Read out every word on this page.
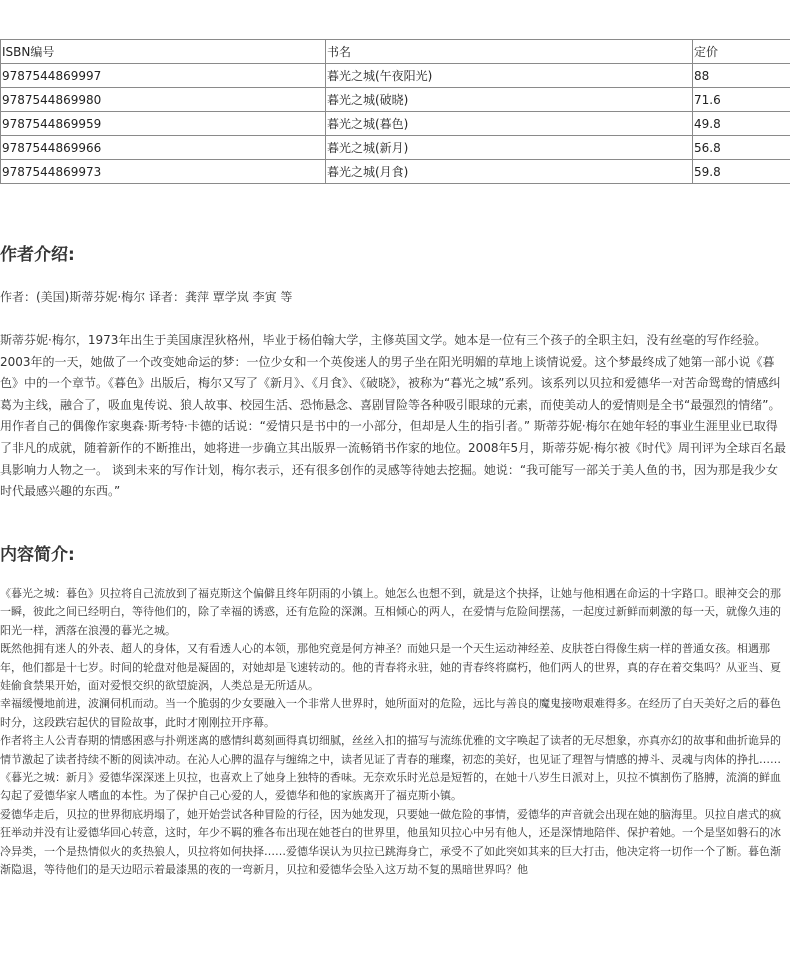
ISBN编号	书名	定价
9787544869997	暮光之城(午夜阳光)	88
9787544869980	暮光之城(破晓)	71.6
9787544869959	暮光之城(暮色)	49.8
9787544869966	暮光之城(新月)	56.8
9787544869973	暮光之城(月食)	59.8
作者介绍:

作者：(美国)斯蒂芬妮·梅尔 译者：龚萍 覃学岚 李寅 等

斯蒂芬妮·梅尔，1973年出生于美国康涅狄格州，毕业于杨伯翰大学，主修英国文学。她本是一位有三个孩子的全职主妇，没有丝毫的写作经验。2003年的一天，她做了一个改变她命运的梦：一位少女和一个英俊迷人的男子坐在阳光明媚的草地上谈情说爱。这个梦最终成了她第一部小说《暮色》中的一个章节。《暮色》出版后，梅尔又写了《新月》、《月食》、《破晓》，被称为“暮光之城”系列。该系列以贝拉和爱德华一对苦命鸳鸯的情感纠葛为主线，融合了，吸血鬼传说、狼人故事、校园生活、恐怖悬念、喜剧冒险等各种吸引眼球的元素，而使美动人的爱情则是全书“最强烈的情绪”。用作者自己的偶像作家奥森·斯考特·卡德的话说：“爱情只是书中的一小部分，但却是人生的指引者。” 斯蒂芬妮·梅尔在她年轻的事业生涯里业已取得了非凡的成就，随着新作的不断推出，她将进一步确立其出版界一流畅销书作家的地位。2008年5月，斯蒂芬妮·梅尔被《时代》周刊评为全球百名最具影响力人物之一。 谈到未来的写作计划，梅尔表示，还有很多创作的灵感等待她去挖掘。她说：“我可能写一部关于美人鱼的书，因为那是我少女时代最感兴趣的东西。”

内容简介:

《暮光之城：暮色》贝拉将自己流放到了福克斯这个偏僻且终年阴雨的小镇上。她怎么也想不到，就是这个抉择，让她与他相遇在命运的十字路口。眼神交会的那一瞬，彼此之间已经明白，等待他们的，除了幸福的诱惑，还有危险的深渊。互相倾心的两人，在爱情与危险间摆荡，一起度过新鲜而刺激的每一天，就像久违的阳光一样，洒落在浪漫的暮光之城。

既然他拥有迷人的外表、超人的身体，又有看透人心的本领，那他究竟是何方神圣？而她只是一个天生运动神经差、皮肤苍白得像生病一样的普通女孩。相遇那年，他们都是十七岁。时间的轮盘对他是凝固的，对她却是飞速转动的。他的青春将永驻，她的青春终将腐朽，他们两人的世界，真的存在着交集吗？从亚当、夏娃偷食禁果开始，面对爱恨交织的欲望旋涡，人类总是无所适从。

幸福缓慢地前进，波澜伺机而动。当一个脆弱的少女要融入一个非常人世界时，她所面对的危险，远比与善良的魔鬼接吻艰难得多。在经历了白天美好之后的暮色时分，这段跌宕起伏的冒险故事，此时才刚刚拉开序幕。

作者将主人公青春期的情感困惑与扑朔迷离的感情纠葛刻画得真切细腻，丝丝入扣的描写与流练优雅的文字唤起了读者的无尽想象，亦真亦幻的故事和曲折诡异的情节激起了读者持续不断的阅读冲动。在沁人心脾的温存与缠绵之中，读者见证了青春的璀璨，初恋的美好，也见证了理智与情感的搏斗、灵魂与肉体的挣扎……

《暮光之城：新月》爱德华深深迷上贝拉，也喜欢上了她身上独特的香味。无奈欢乐时光总是短暂的，在她十八岁生日派对上，贝拉不慎割伤了胳膊，流淌的鲜血勾起了爱德华家人嗜血的本性。为了保护自己心爱的人，爱德华和他的家族离开了福克斯小镇。

爱德华走后，贝拉的世界彻底坍塌了，她开始尝试各种冒险的行径，因为她发现，只要她一做危险的事情，爱德华的声音就会出现在她的脑海里。贝拉自虐式的疯狂举动并没有让爱德华回心转意，这时，年少不羁的雅各布出现在她苍白的世界里，他虽知贝拉心中另有他人，还是深情地陪伴、保护着她。一个是坚如磐石的冰冷异类，一个是热情似火的炙热狼人，贝拉将如何抉择……爱德华误认为贝拉已跳海身亡，承受不了如此突如其来的巨大打击，他决定将一切作一个了断。暮色渐渐隐退，等待他们的是天边昭示着最漆黑的夜的一弯新月，贝拉和爱德华会坠入这万劫不复的黑暗世界吗？他
